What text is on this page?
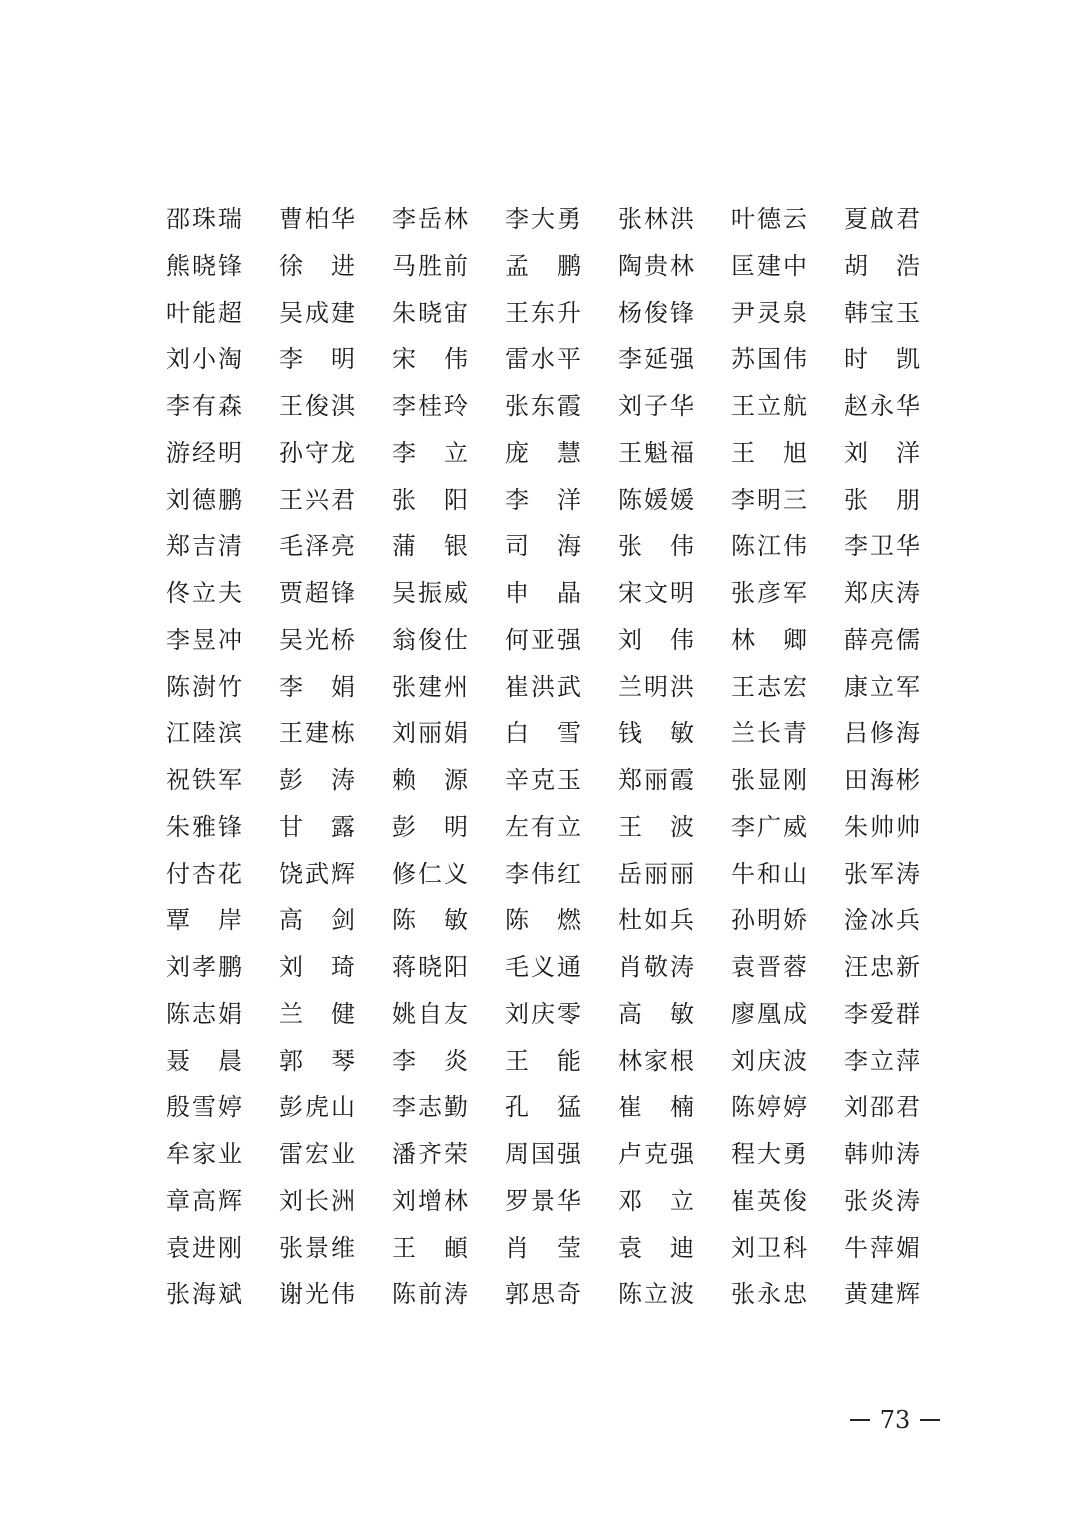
邵 珠 瑞 曹 柏 华 李 岳 林 李 大 勇 张 林 洪 叶 德 云 夏 啟 君
熊 晓 锋 徐 进 马 胜 前 孟 鹏 陶 贵 林 匡 建 中 胡 浩
叶 能 超 吴 成 建 朱 晓 宙 王 东 升 杨 俊 锋 尹 灵 泉 韩 宝 玉
刘 小 淘 李 明 宋 伟 雷 水 平 李 延 强 苏 国 伟 时 凯
李 有 森 王 俊 淇 李 桂 玲 张 东 霞 刘 子 华 王 立 航 赵 永 华
游 经 明 孙 守 龙 李 立 庞 慧 王 魁 福 王 旭 刘 洋
刘 德 鹏 王 兴 君 张 阳 李 洋 陈 媛 媛 李 明 三 张 朋
郑 吉 清 毛 泽 亮 蒲 银 司 海 张 伟 陈 江 伟 李 卫 华
佟 立 夫 贾 超 锋 吴 振 威 申 晶 宋 文 明 张 彦 军 郑 庆 涛
李 昱 冲 吴 光 桥 翁 俊 仕 何 亚 强 刘 伟 林 卿 薛 亮 儒
陈 澍 竹 李 娟 张 建 州 崔 洪 武 兰 明 洪 王 志 宏 康 立 军
江 陸 滨 王 建 栋 刘 丽 娟 白 雪 钱 敏 兰 长 青 吕 修 海
祝 铁 军 彭 涛 赖 源 辛 克 玉 郑 丽 霞 张 显 刚 田 海 彬
朱 雅 锋 甘 露 彭 明 左 有 立 王 波 李 广 威 朱 帅 帅
付 杏 花 饶 武 辉 修 仁 义 李 伟 红 岳 丽 丽 牛 和 山 张 军 涛
覃 岸 高 剑 陈 敏 陈 燃 杜 如 兵 孙 明 娇 淦 冰 兵
刘 孝 鹏 刘 琦 蒋 晓 阳 毛 义 通 肖 敬 涛 袁 晋 蓉 汪 忠 新
陈 志 娟 兰 健 姚 自 友 刘 庆 零 高 敏 廖 凰 成 李 爱 群
聂 晨 郭 琴 李 炎 王 能 林 家 根 刘 庆 波 李 立 萍
殷 雪 婷 彭 虎 山 李 志 勤 孔 猛 崔 楠 陈 婷 婷 刘 邵 君
牟 家 业 雷 宏 业 潘 齐 荣 周 国 强 卢 克 强 程 大 勇 韩 帅 涛
章 高 辉 刘 长 洲 刘 增 林 罗 景 华 邓 立 崔 英 俊 张 炎 涛
袁 进 刚 张 景 维 王 頔 肖 莹 袁 迪 刘 卫 科 牛 萍 媚
张 海 斌 谢 光 伟 陈 前 涛 郭 思 奇 陈 立 波 张 永 忠 黄 建 辉
73
